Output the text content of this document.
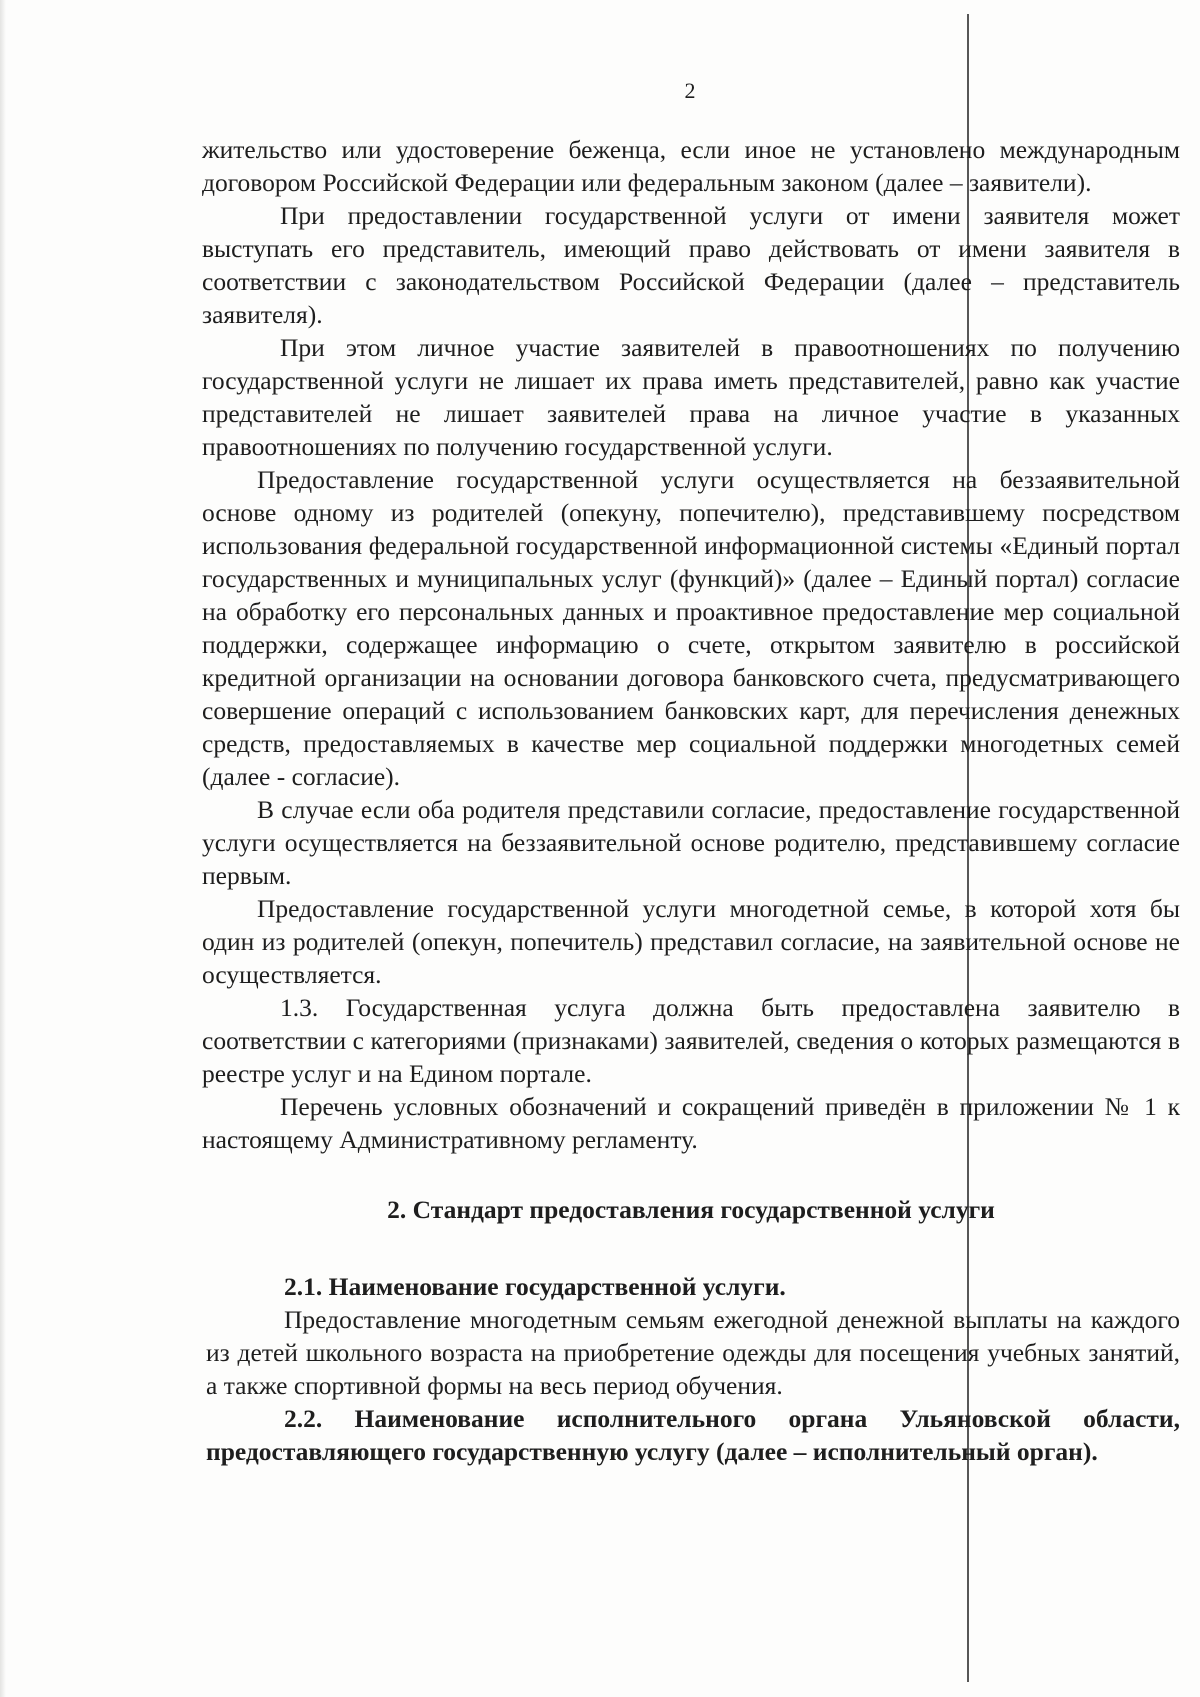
2

жительство или удостоверение беженца, если иное не установлено международным договором Российской Федерации или федеральным законом (далее – заявители).

При предоставлении государственной услуги от имени заявителя может выступать его представитель, имеющий право действовать от имени заявителя в соответствии с законодательством Российской Федерации (далее – представитель заявителя).

При этом личное участие заявителей в правоотношениях по получению государственной услуги не лишает их права иметь представителей, равно как участие представителей не лишает заявителей права на личное участие в указанных правоотношениях по получению государственной услуги.

Предоставление государственной услуги осуществляется на беззаявительной основе одному из родителей (опекуну, попечителю), представившему посредством использования федеральной государственной информационной системы «Единый портал государственных и муниципальных услуг (функций)» (далее – Единый портал) согласие на обработку его персональных данных и проактивное предоставление мер социальной поддержки, содержащее информацию о счете, открытом заявителю в российской кредитной организации на основании договора банковского счета, предусматривающего совершение операций с использованием банковских карт, для перечисления денежных средств, предоставляемых в качестве мер социальной поддержки многодетных семей (далее - согласие).

В случае если оба родителя представили согласие, предоставление государственной услуги осуществляется на беззаявительной основе родителю, представившему согласие первым.

Предоставление государственной услуги многодетной семье, в которой хотя бы один из родителей (опекун, попечитель) представил согласие, на заявительной основе не осуществляется.

1.3. Государственная услуга должна быть предоставлена заявителю в соответствии с категориями (признаками) заявителей, сведения о которых размещаются в реестре услуг и на Едином портале.

Перечень условных обозначений и сокращений приведён в приложении № 1 к настоящему Административному регламенту.

2. Стандарт предоставления государственной услуги

2.1. Наименование государственной услуги.

Предоставление многодетным семьям ежегодной денежной выплаты на каждого из детей школьного возраста на приобретение одежды для посещения учебных занятий, а также спортивной формы на весь период обучения.

2.2. Наименование исполнительного органа Ульяновской области, предоставляющего государственную услугу (далее – исполнительный орган).
